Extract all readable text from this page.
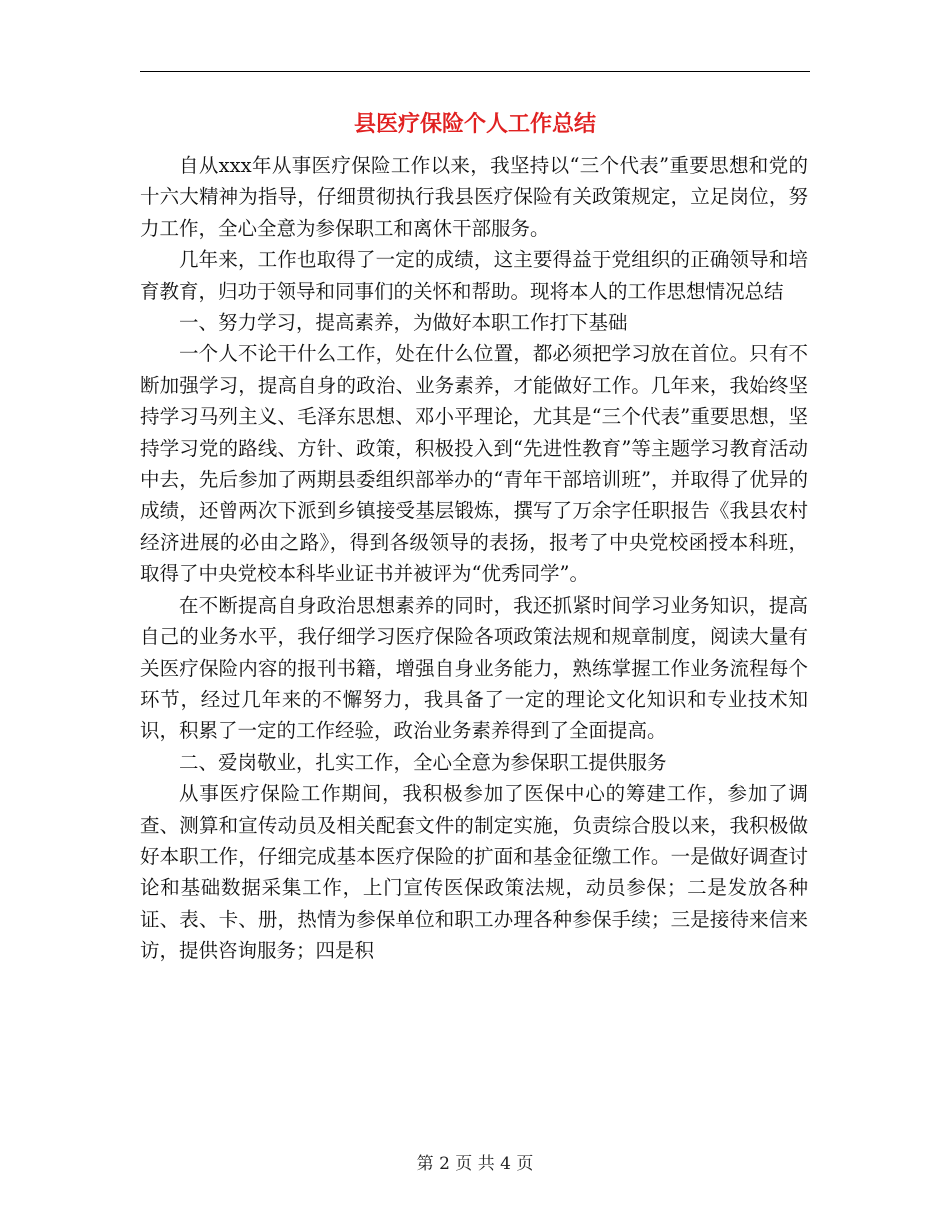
县医疗保险个人工作总结

自从xxx年从事医疗保险工作以来，我坚持以“三个代表”重要思想和党的十六大精神为指导，仔细贯彻执行我县医疗保险有关政策规定，立足岗位，努力工作，全心全意为参保职工和离休干部服务。

几年来，工作也取得了一定的成绩，这主要得益于党组织的正确领导和培育教育，归功于领导和同事们的关怀和帮助。现将本人的工作思想情况总结

一、努力学习，提高素养，为做好本职工作打下基础

一个人不论干什么工作，处在什么位置，都必须把学习放在首位。只有不断加强学习，提高自身的政治、业务素养，才能做好工作。几年来，我始终坚持学习马列主义、毛泽东思想、邓小平理论，尤其是“三个代表”重要思想，坚持学习党的路线、方针、政策，积极投入到“先进性教育”等主题学习教育活动中去，先后参加了两期县委组织部举办的“青年干部培训班”，并取得了优异的成绩，还曾两次下派到乡镇接受基层锻炼，撰写了万余字任职报告《我县农村经济进展的必由之路》，得到各级领导的表扬，报考了中央党校函授本科班，取得了中央党校本科毕业证书并被评为“优秀同学”。

在不断提高自身政治思想素养的同时，我还抓紧时间学习业务知识，提高自己的业务水平，我仔细学习医疗保险各项政策法规和规章制度，阅读大量有关医疗保险内容的报刊书籍，增强自身业务能力，熟练掌握工作业务流程每个环节，经过几年来的不懈努力，我具备了一定的理论文化知识和专业技术知识，积累了一定的工作经验，政治业务素养得到了全面提高。

二、爱岗敬业，扎实工作，全心全意为参保职工提供服务

从事医疗保险工作期间，我积极参加了医保中心的筹建工作，参加了调查、测算和宣传动员及相关配套文件的制定实施，负责综合股以来，我积极做好本职工作，仔细完成基本医疗保险的扩面和基金征缴工作。一是做好调查讨论和基础数据采集工作，上门宣传医保政策法规，动员参保；二是发放各种证、表、卡、册，热情为参保单位和职工办理各种参保手续；三是接待来信来访，提供咨询服务；四是积

第 2 页 共 4 页
